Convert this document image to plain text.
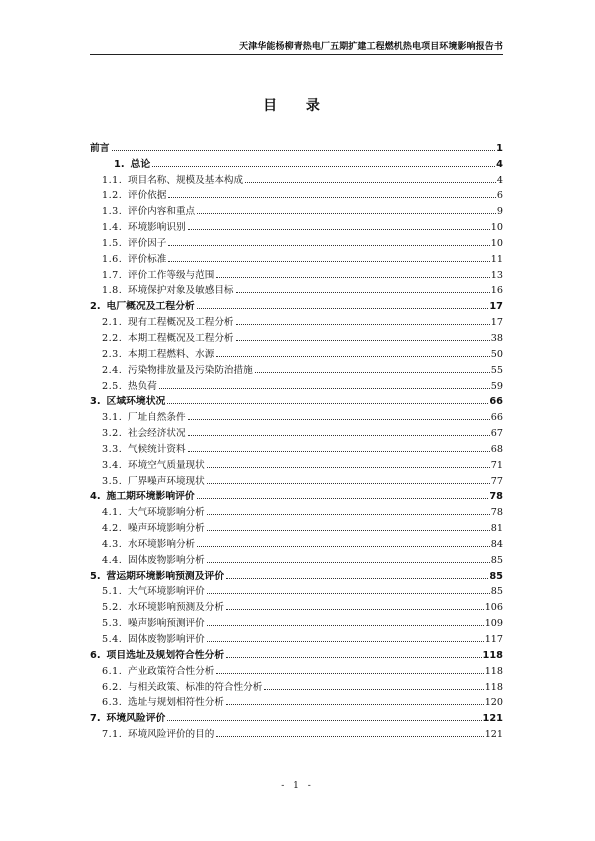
天津华能杨柳青热电厂五期扩建工程燃机热电项目环境影响报告书
目 录
前言	1
1. 总论	4
1.1. 项目名称、规模及基本构成	4
1.2. 评价依据	6
1.3. 评价内容和重点	9
1.4. 环境影响识别	10
1.5. 评价因子	10
1.6. 评价标准	11
1.7. 评价工作等级与范围	13
1.8. 环境保护对象及敏感目标	16
2. 电厂概况及工程分析	17
2.1. 现有工程概况及工程分析	17
2.2. 本期工程概况及工程分析	38
2.3. 本期工程燃料、水源	50
2.4. 污染物排放量及污染防治措施	55
2.5. 热负荷	59
3. 区域环境状况	66
3.1. 厂址自然条件	66
3.2. 社会经济状况	67
3.3. 气候统计资料	68
3.4. 环境空气质量现状	71
3.5. 厂界噪声环境现状	77
4. 施工期环境影响评价	78
4.1. 大气环境影响分析	78
4.2. 噪声环境影响分析	81
4.3. 水环境影响分析	84
4.4. 固体废物影响分析	85
5. 营运期环境影响预测及评价	85
5.1. 大气环境影响评价	85
5.2. 水环境影响预测及分析	106
5.3. 噪声影响预测评价	109
5.4. 固体废物影响评价	117
6. 项目选址及规划符合性分析	118
6.1. 产业政策符合性分析	118
6.2. 与相关政策、标准的符合性分析	118
6.3. 选址与规划相符性分析	120
7. 环境风险评价	121
7.1. 环境风险评价的目的	121
- 1 -
